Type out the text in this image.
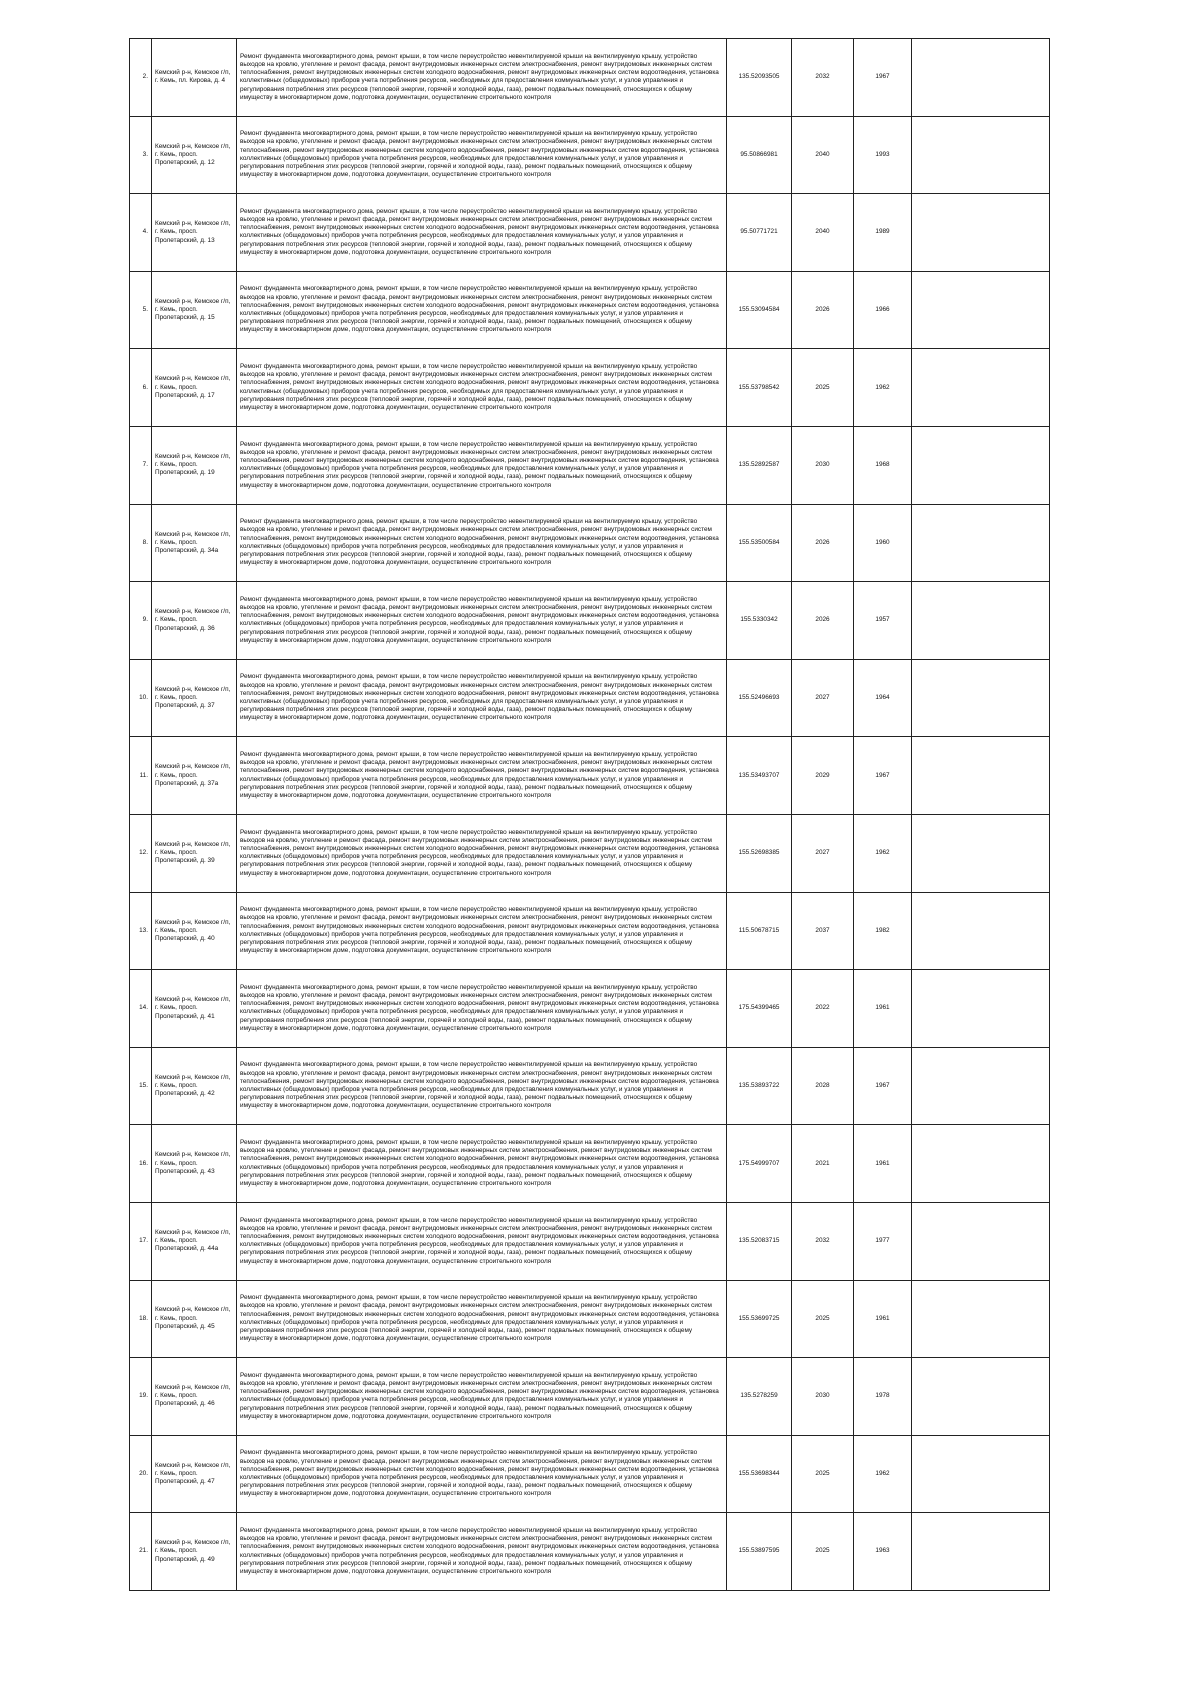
2.	Кемский р-н, Кемское г/п, г. Кемь, пл. Кирова, д. 4	Ремонт фундамента многоквартирного дома, ремонт крыши, в том числе переустройство невентилируемой крыши на вентилируемую крышу, устройство выходов на кровлю, утепление и ремонт фасада, ремонт внутридомовых инженерных систем электроснабжения, ремонт внутридомовых инженерных систем теплоснабжения, ремонт внутридомовых инженерных систем холодного водоснабжения, ремонт внутридомовых инженерных систем водоотведения, установка коллективных (общедомовых) приборов учета потребления ресурсов, необходимых для предоставления коммунальных услуг, и узлов управления и регулирования потребления этих ресурсов (тепловой энергии, горячей и холодной воды, газа), ремонт подвальных помещений, относящихся к общему имуществу в многоквартирном доме, подготовка документации, осуществление строительного контроля	135.52093505	2032	1967	
3.	Кемский р-н, Кемское г/п, г. Кемь, просп. Пролетарский, д. 12	Ремонт фундамента многоквартирного дома, ремонт крыши, в том числе переустройство невентилируемой крыши на вентилируемую крышу, устройство выходов на кровлю, утепление и ремонт фасада, ремонт внутридомовых инженерных систем электроснабжения, ремонт внутридомовых инженерных систем теплоснабжения, ремонт внутридомовых инженерных систем холодного водоснабжения, ремонт внутридомовых инженерных систем водоотведения, установка коллективных (общедомовых) приборов учета потребления ресурсов, необходимых для предоставления коммунальных услуг, и узлов управления и регулирования потребления этих ресурсов (тепловой энергии, горячей и холодной воды, газа), ремонт подвальных помещений, относящихся к общему имуществу в многоквартирном доме, подготовка документации, осуществление строительного контроля	95.50866981	2040	1993	
4.	Кемский р-н, Кемское г/п, г. Кемь, просп. Пролетарский, д. 13	Ремонт фундамента многоквартирного дома, ремонт крыши, в том числе переустройство невентилируемой крыши на вентилируемую крышу, устройство выходов на кровлю, утепление и ремонт фасада, ремонт внутридомовых инженерных систем электроснабжения, ремонт внутридомовых инженерных систем теплоснабжения, ремонт внутридомовых инженерных систем холодного водоснабжения, ремонт внутридомовых инженерных систем водоотведения, установка коллективных (общедомовых) приборов учета потребления ресурсов, необходимых для предоставления коммунальных услуг, и узлов управления и регулирования потребления этих ресурсов (тепловой энергии, горячей и холодной воды, газа), ремонт подвальных помещений, относящихся к общему имуществу в многоквартирном доме, подготовка документации, осуществление строительного контроля	95.50771721	2040	1989	
5.	Кемский р-н, Кемское г/п, г. Кемь, просп. Пролетарский, д. 15	Ремонт фундамента многоквартирного дома, ремонт крыши, в том числе переустройство невентилируемой крыши на вентилируемую крышу, устройство выходов на кровлю, утепление и ремонт фасада, ремонт внутридомовых инженерных систем электроснабжения, ремонт внутридомовых инженерных систем теплоснабжения, ремонт внутридомовых инженерных систем холодного водоснабжения, ремонт внутридомовых инженерных систем водоотведения, установка коллективных (общедомовых) приборов учета потребления ресурсов, необходимых для предоставления коммунальных услуг, и узлов управления и регулирования потребления этих ресурсов (тепловой энергии, горячей и холодной воды, газа), ремонт подвальных помещений, относящихся к общему имуществу в многоквартирном доме, подготовка документации, осуществление строительного контроля	155.53094584	2026	1966	
6.	Кемский р-н, Кемское г/п, г. Кемь, просп. Пролетарский, д. 17	Ремонт фундамента многоквартирного дома, ремонт крыши, в том числе переустройство невентилируемой крыши на вентилируемую крышу, устройство выходов на кровлю, утепление и ремонт фасада, ремонт внутридомовых инженерных систем электроснабжения, ремонт внутридомовых инженерных систем теплоснабжения, ремонт внутридомовых инженерных систем холодного водоснабжения, ремонт внутридомовых инженерных систем водоотведения, установка коллективных (общедомовых) приборов учета потребления ресурсов, необходимых для предоставления коммунальных услуг, и узлов управления и регулирования потребления этих ресурсов (тепловой энергии, горячей и холодной воды, газа), ремонт подвальных помещений, относящихся к общему имуществу в многоквартирном доме, подготовка документации, осуществление строительного контроля	155.53798542	2025	1962	
7.	Кемский р-н, Кемское г/п, г. Кемь, просп. Пролетарский, д. 19	Ремонт фундамента многоквартирного дома, ремонт крыши, в том числе переустройство невентилируемой крыши на вентилируемую крышу, устройство выходов на кровлю, утепление и ремонт фасада, ремонт внутридомовых инженерных систем электроснабжения, ремонт внутридомовых инженерных систем теплоснабжения, ремонт внутридомовых инженерных систем холодного водоснабжения, ремонт внутридомовых инженерных систем водоотведения, установка коллективных (общедомовых) приборов учета потребления ресурсов, необходимых для предоставления коммунальных услуг, и узлов управления и регулирования потребления этих ресурсов (тепловой энергии, горячей и холодной воды, газа), ремонт подвальных помещений, относящихся к общему имуществу в многоквартирном доме, подготовка документации, осуществление строительного контроля	135.52892587	2030	1968	
8.	Кемский р-н, Кемское г/п, г. Кемь, просп. Пролетарский, д. 34а	Ремонт фундамента многоквартирного дома, ремонт крыши, в том числе переустройство невентилируемой крыши на вентилируемую крышу, устройство выходов на кровлю, утепление и ремонт фасада, ремонт внутридомовых инженерных систем электроснабжения, ремонт внутридомовых инженерных систем теплоснабжения, ремонт внутридомовых инженерных систем холодного водоснабжения, ремонт внутридомовых инженерных систем водоотведения, установка коллективных (общедомовых) приборов учета потребления ресурсов, необходимых для предоставления коммунальных услуг, и узлов управления и регулирования потребления этих ресурсов (тепловой энергии, горячей и холодной воды, газа), ремонт подвальных помещений, относящихся к общему имуществу в многоквартирном доме, подготовка документации, осуществление строительного контроля	155.53500584	2026	1960	
9.	Кемский р-н, Кемское г/п, г. Кемь, просп. Пролетарский, д. 36	Ремонт фундамента многоквартирного дома, ремонт крыши, в том числе переустройство невентилируемой крыши на вентилируемую крышу, устройство выходов на кровлю, утепление и ремонт фасада, ремонт внутридомовых инженерных систем электроснабжения, ремонт внутридомовых инженерных систем теплоснабжения, ремонт внутридомовых инженерных систем холодного водоснабжения, ремонт внутридомовых инженерных систем водоотведения, установка коллективных (общедомовых) приборов учета потребления ресурсов, необходимых для предоставления коммунальных услуг, и узлов управления и регулирования потребления этих ресурсов (тепловой энергии, горячей и холодной воды, газа), ремонт подвальных помещений, относящихся к общему имуществу в многоквартирном доме, подготовка документации, осуществление строительного контроля	155.5330342	2026	1957	
10.	Кемский р-н, Кемское г/п, г. Кемь, просп. Пролетарский, д. 37	Ремонт фундамента многоквартирного дома, ремонт крыши, в том числе переустройство невентилируемой крыши на вентилируемую крышу, устройство выходов на кровлю, утепление и ремонт фасада, ремонт внутридомовых инженерных систем электроснабжения, ремонт внутридомовых инженерных систем теплоснабжения, ремонт внутридомовых инженерных систем холодного водоснабжения, ремонт внутридомовых инженерных систем водоотведения, установка коллективных (общедомовых) приборов учета потребления ресурсов, необходимых для предоставления коммунальных услуг, и узлов управления и регулирования потребления этих ресурсов (тепловой энергии, горячей и холодной воды, газа), ремонт подвальных помещений, относящихся к общему имуществу в многоквартирном доме, подготовка документации, осуществление строительного контроля	155.52496693	2027	1964	
11.	Кемский р-н, Кемское г/п, г. Кемь, просп. Пролетарский, д. 37а	Ремонт фундамента многоквартирного дома, ремонт крыши, в том числе переустройство невентилируемой крыши на вентилируемую крышу, устройство выходов на кровлю, утепление и ремонт фасада, ремонт внутридомовых инженерных систем электроснабжения, ремонт внутридомовых инженерных систем теплоснабжения, ремонт внутридомовых инженерных систем холодного водоснабжения, ремонт внутридомовых инженерных систем водоотведения, установка коллективных (общедомовых) приборов учета потребления ресурсов, необходимых для предоставления коммунальных услуг, и узлов управления и регулирования потребления этих ресурсов (тепловой энергии, горячей и холодной воды, газа), ремонт подвальных помещений, относящихся к общему имуществу в многоквартирном доме, подготовка документации, осуществление строительного контроля	135.53493707	2029	1967	
12.	Кемский р-н, Кемское г/п, г. Кемь, просп. Пролетарский, д. 39	Ремонт фундамента многоквартирного дома, ремонт крыши, в том числе переустройство невентилируемой крыши на вентилируемую крышу, устройство выходов на кровлю, утепление и ремонт фасада, ремонт внутридомовых инженерных систем электроснабжения, ремонт внутридомовых инженерных систем теплоснабжения, ремонт внутридомовых инженерных систем холодного водоснабжения, ремонт внутридомовых инженерных систем водоотведения, установка коллективных (общедомовых) приборов учета потребления ресурсов, необходимых для предоставления коммунальных услуг, и узлов управления и регулирования потребления этих ресурсов (тепловой энергии, горячей и холодной воды, газа), ремонт подвальных помещений, относящихся к общему имуществу в многоквартирном доме, подготовка документации, осуществление строительного контроля	155.52698385	2027	1962	
13.	Кемский р-н, Кемское г/п, г. Кемь, просп. Пролетарский, д. 40	Ремонт фундамента многоквартирного дома, ремонт крыши, в том числе переустройство невентилируемой крыши на вентилируемую крышу, устройство выходов на кровлю, утепление и ремонт фасада, ремонт внутридомовых инженерных систем электроснабжения, ремонт внутридомовых инженерных систем теплоснабжения, ремонт внутридомовых инженерных систем холодного водоснабжения, ремонт внутридомовых инженерных систем водоотведения, установка коллективных (общедомовых) приборов учета потребления ресурсов, необходимых для предоставления коммунальных услуг, и узлов управления и регулирования потребления этих ресурсов (тепловой энергии, горячей и холодной воды, газа), ремонт подвальных помещений, относящихся к общему имуществу в многоквартирном доме, подготовка документации, осуществление строительного контроля	115.50678715	2037	1982	
14.	Кемский р-н, Кемское г/п, г. Кемь, просп. Пролетарский, д. 41	Ремонт фундамента многоквартирного дома, ремонт крыши, в том числе переустройство невентилируемой крыши на вентилируемую крышу, устройство выходов на кровлю, утепление и ремонт фасада, ремонт внутридомовых инженерных систем электроснабжения, ремонт внутридомовых инженерных систем теплоснабжения, ремонт внутридомовых инженерных систем холодного водоснабжения, ремонт внутридомовых инженерных систем водоотведения, установка коллективных (общедомовых) приборов учета потребления ресурсов, необходимых для предоставления коммунальных услуг, и узлов управления и регулирования потребления этих ресурсов (тепловой энергии, горячей и холодной воды, газа), ремонт подвальных помещений, относящихся к общему имуществу в многоквартирном доме, подготовка документации, осуществление строительного контроля	175.54399465	2022	1961	
15.	Кемский р-н, Кемское г/п, г. Кемь, просп. Пролетарский, д. 42	Ремонт фундамента многоквартирного дома, ремонт крыши, в том числе переустройство невентилируемой крыши на вентилируемую крышу, устройство выходов на кровлю, утепление и ремонт фасада, ремонт внутридомовых инженерных систем электроснабжения, ремонт внутридомовых инженерных систем теплоснабжения, ремонт внутридомовых инженерных систем холодного водоснабжения, ремонт внутридомовых инженерных систем водоотведения, установка коллективных (общедомовых) приборов учета потребления ресурсов, необходимых для предоставления коммунальных услуг, и узлов управления и регулирования потребления этих ресурсов (тепловой энергии, горячей и холодной воды, газа), ремонт подвальных помещений, относящихся к общему имуществу в многоквартирном доме, подготовка документации, осуществление строительного контроля	135.53893722	2028	1967	
16.	Кемский р-н, Кемское г/п, г. Кемь, просп. Пролетарский, д. 43	Ремонт фундамента многоквартирного дома, ремонт крыши, в том числе переустройство невентилируемой крыши на вентилируемую крышу, устройство выходов на кровлю, утепление и ремонт фасада, ремонт внутридомовых инженерных систем электроснабжения, ремонт внутридомовых инженерных систем теплоснабжения, ремонт внутридомовых инженерных систем холодного водоснабжения, ремонт внутридомовых инженерных систем водоотведения, установка коллективных (общедомовых) приборов учета потребления ресурсов, необходимых для предоставления коммунальных услуг, и узлов управления и регулирования потребления этих ресурсов (тепловой энергии, горячей и холодной воды, газа), ремонт подвальных помещений, относящихся к общему имуществу в многоквартирном доме, подготовка документации, осуществление строительного контроля	175.54999707	2021	1961	
17.	Кемский р-н, Кемское г/п, г. Кемь, просп. Пролетарский, д. 44а	Ремонт фундамента многоквартирного дома, ремонт крыши, в том числе переустройство невентилируемой крыши на вентилируемую крышу, устройство выходов на кровлю, утепление и ремонт фасада, ремонт внутридомовых инженерных систем электроснабжения, ремонт внутридомовых инженерных систем теплоснабжения, ремонт внутридомовых инженерных систем холодного водоснабжения, ремонт внутридомовых инженерных систем водоотведения, установка коллективных (общедомовых) приборов учета потребления ресурсов, необходимых для предоставления коммунальных услуг, и узлов управления и регулирования потребления этих ресурсов (тепловой энергии, горячей и холодной воды, газа), ремонт подвальных помещений, относящихся к общему имуществу в многоквартирном доме, подготовка документации, осуществление строительного контроля	135.52083715	2032	1977	
18.	Кемский р-н, Кемское г/п, г. Кемь, просп. Пролетарский, д. 45	Ремонт фундамента многоквартирного дома, ремонт крыши, в том числе переустройство невентилируемой крыши на вентилируемую крышу, устройство выходов на кровлю, утепление и ремонт фасада, ремонт внутридомовых инженерных систем электроснабжения, ремонт внутридомовых инженерных систем теплоснабжения, ремонт внутридомовых инженерных систем холодного водоснабжения, ремонт внутридомовых инженерных систем водоотведения, установка коллективных (общедомовых) приборов учета потребления ресурсов, необходимых для предоставления коммунальных услуг, и узлов управления и регулирования потребления этих ресурсов (тепловой энергии, горячей и холодной воды, газа), ремонт подвальных помещений, относящихся к общему имуществу в многоквартирном доме, подготовка документации, осуществление строительного контроля	155.53699725	2025	1961	
19.	Кемский р-н, Кемское г/п, г. Кемь, просп. Пролетарский, д. 46	Ремонт фундамента многоквартирного дома, ремонт крыши, в том числе переустройство невентилируемой крыши на вентилируемую крышу, устройство выходов на кровлю, утепление и ремонт фасада, ремонт внутридомовых инженерных систем электроснабжения, ремонт внутридомовых инженерных систем теплоснабжения, ремонт внутридомовых инженерных систем холодного водоснабжения, ремонт внутридомовых инженерных систем водоотведения, установка коллективных (общедомовых) приборов учета потребления ресурсов, необходимых для предоставления коммунальных услуг, и узлов управления и регулирования потребления этих ресурсов (тепловой энергии, горячей и холодной воды, газа), ремонт подвальных помещений, относящихся к общему имуществу в многоквартирном доме, подготовка документации, осуществление строительного контроля	135.5278259	2030	1978	
20.	Кемский р-н, Кемское г/п, г. Кемь, просп. Пролетарский, д. 47	Ремонт фундамента многоквартирного дома, ремонт крыши, в том числе переустройство невентилируемой крыши на вентилируемую крышу, устройство выходов на кровлю, утепление и ремонт фасада, ремонт внутридомовых инженерных систем электроснабжения, ремонт внутридомовых инженерных систем теплоснабжения, ремонт внутридомовых инженерных систем холодного водоснабжения, ремонт внутридомовых инженерных систем водоотведения, установка коллективных (общедомовых) приборов учета потребления ресурсов, необходимых для предоставления коммунальных услуг, и узлов управления и регулирования потребления этих ресурсов (тепловой энергии, горячей и холодной воды, газа), ремонт подвальных помещений, относящихся к общему имуществу в многоквартирном доме, подготовка документации, осуществление строительного контроля	155.53698344	2025	1962	
21.	Кемский р-н, Кемское г/п, г. Кемь, просп. Пролетарский, д. 49	Ремонт фундамента многоквартирного дома, ремонт крыши, в том числе переустройство невентилируемой крыши на вентилируемую крышу, устройство выходов на кровлю, утепление и ремонт фасада, ремонт внутридомовых инженерных систем электроснабжения, ремонт внутридомовых инженерных систем теплоснабжения, ремонт внутридомовых инженерных систем холодного водоснабжения, ремонт внутридомовых инженерных систем водоотведения, установка коллективных (общедомовых) приборов учета потребления ресурсов, необходимых для предоставления коммунальных услуг, и узлов управления и регулирования потребления этих ресурсов (тепловой энергии, горячей и холодной воды, газа), ремонт подвальных помещений, относящихся к общему имуществу в многоквартирном доме, подготовка документации, осуществление строительного контроля	155.53897595	2025	1963	
